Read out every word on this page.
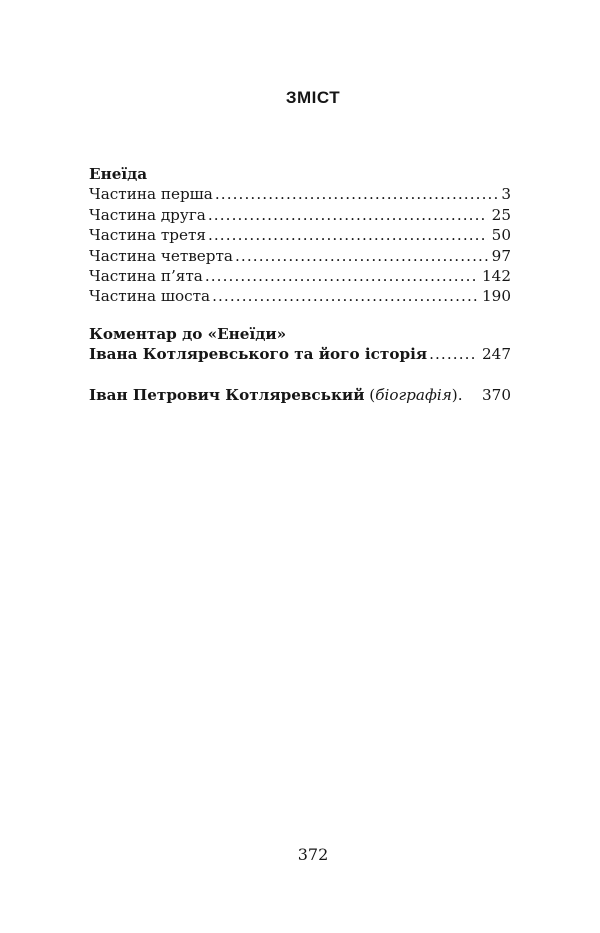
ЗМІСТ
Енеїда
Частина перша .....	3
Частина друга .....	25
Частина третя .....	50
Частина четверта .....	97
Частина п’ята .....	142
Частина шоста .....	190
Коментар до «Енеїди»
Івана Котляревського та його історія .....	247
Іван Петрович Котляревський
( біографія ) ..... 370
372
